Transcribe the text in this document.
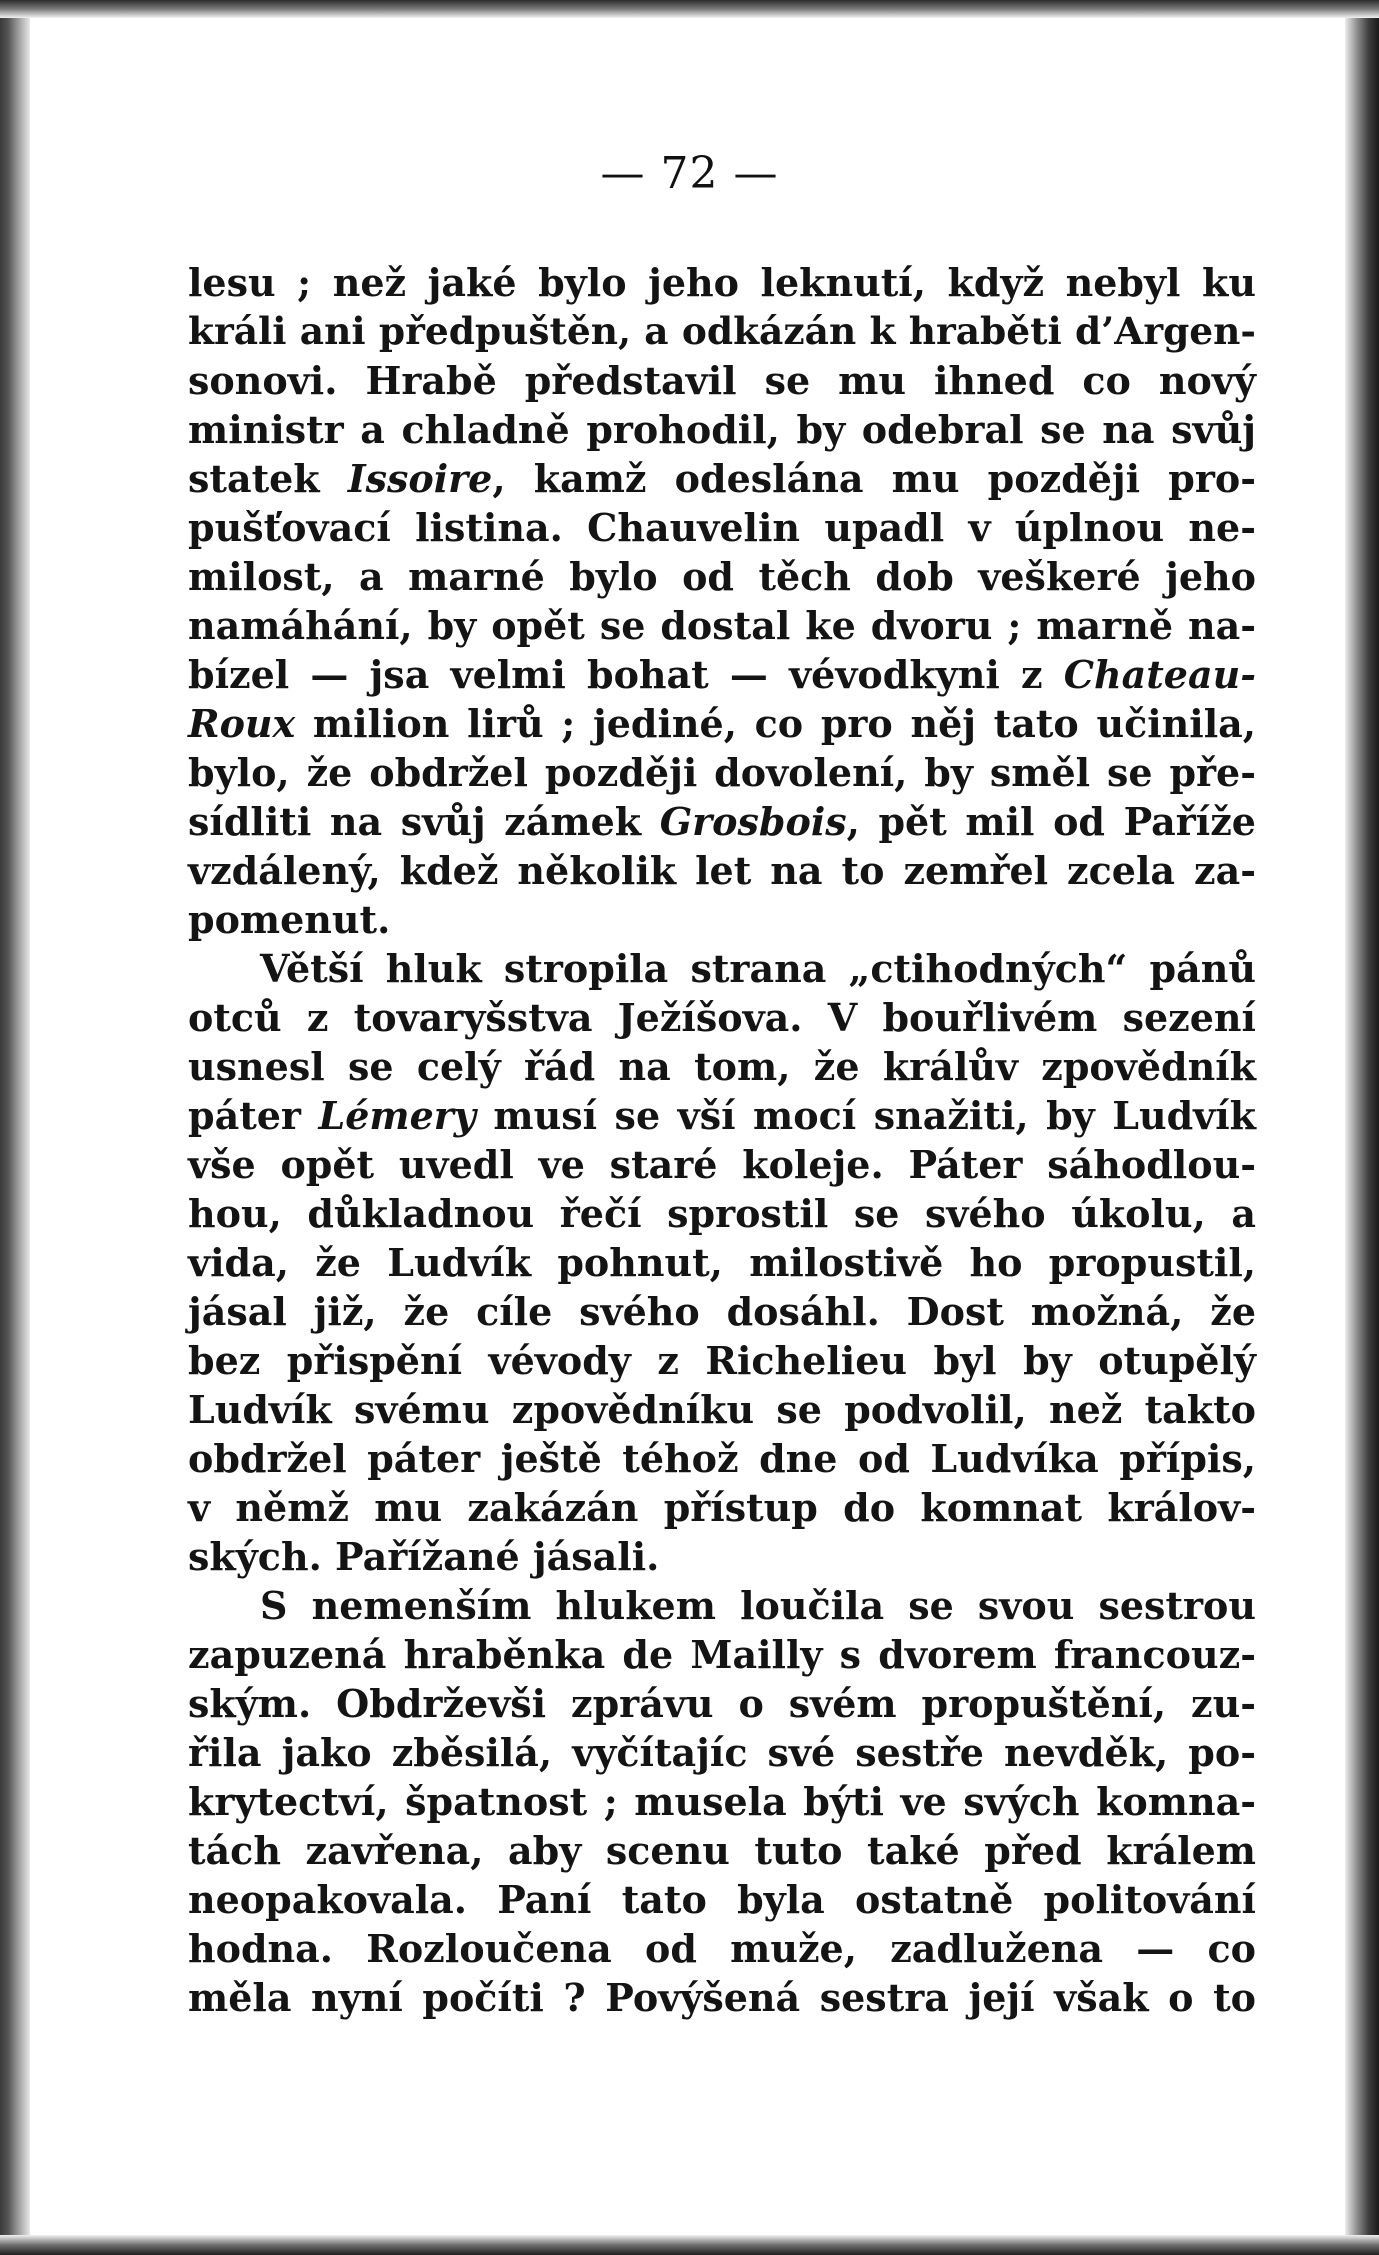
— 72 —
lesu ; než jaké bylo jeho leknutí, když nebyl ku
králi ani předpuštěn, a odkázán k hraběti d’Argen-
sonovi. Hrabě představil se mu ihned co nový
ministr a chladně prohodil, by odebral se na svůj
statek Issoire, kamž odeslána mu později pro-
pušťovací listina. Chauvelin upadl v úplnou ne-
milost, a marné bylo od těch dob veškeré jeho
namáhání, by opět se dostal ke dvoru ; marně na-
bízel — jsa velmi bohat — vévodkyni z Chateau-
Roux milion lirů ; jediné, co pro něj tato učinila,
bylo, že obdržel později dovolení, by směl se pře-
sídliti na svůj zámek Grosbois, pět mil od Paříže
vzdálený, kdež několik let na to zemřel zcela za-
pomenut.
Větší hluk stropila strana „ctihodných“ pánů
otců z tovaryšstva Ježíšova. V bouřlivém sezení
usnesl se celý řád na tom, že králův zpovědník
páter Lémery musí se vší mocí snažiti, by Ludvík
vše opět uvedl ve staré koleje. Páter sáhodlou-
hou, důkladnou řečí sprostil se svého úkolu, a
vida, že Ludvík pohnut, milostivě ho propustil,
jásal již, že cíle svého dosáhl. Dost možná, že
bez přispění vévody z Richelieu byl by otupělý
Ludvík svému zpovědníku se podvolil, než takto
obdržel páter ještě téhož dne od Ludvíka přípis,
v němž mu zakázán přístup do komnat králov-
ských. Pařížané jásali.
S nemenším hlukem loučila se svou sestrou
zapuzená hraběnka de Mailly s dvorem francouz-
ským. Obdrževši zprávu o svém propuštění, zu-
řila jako zběsilá, vyčítajíc své sestře nevděk, po-
krytectví, špatnost ; musela býti ve svých komna-
tách zavřena, aby scenu tuto také před králem
neopakovala. Paní tato byla ostatně politování
hodna. Rozloučena od muže, zadlužena — co
měla nyní počíti ? Povýšená sestra její však o to
